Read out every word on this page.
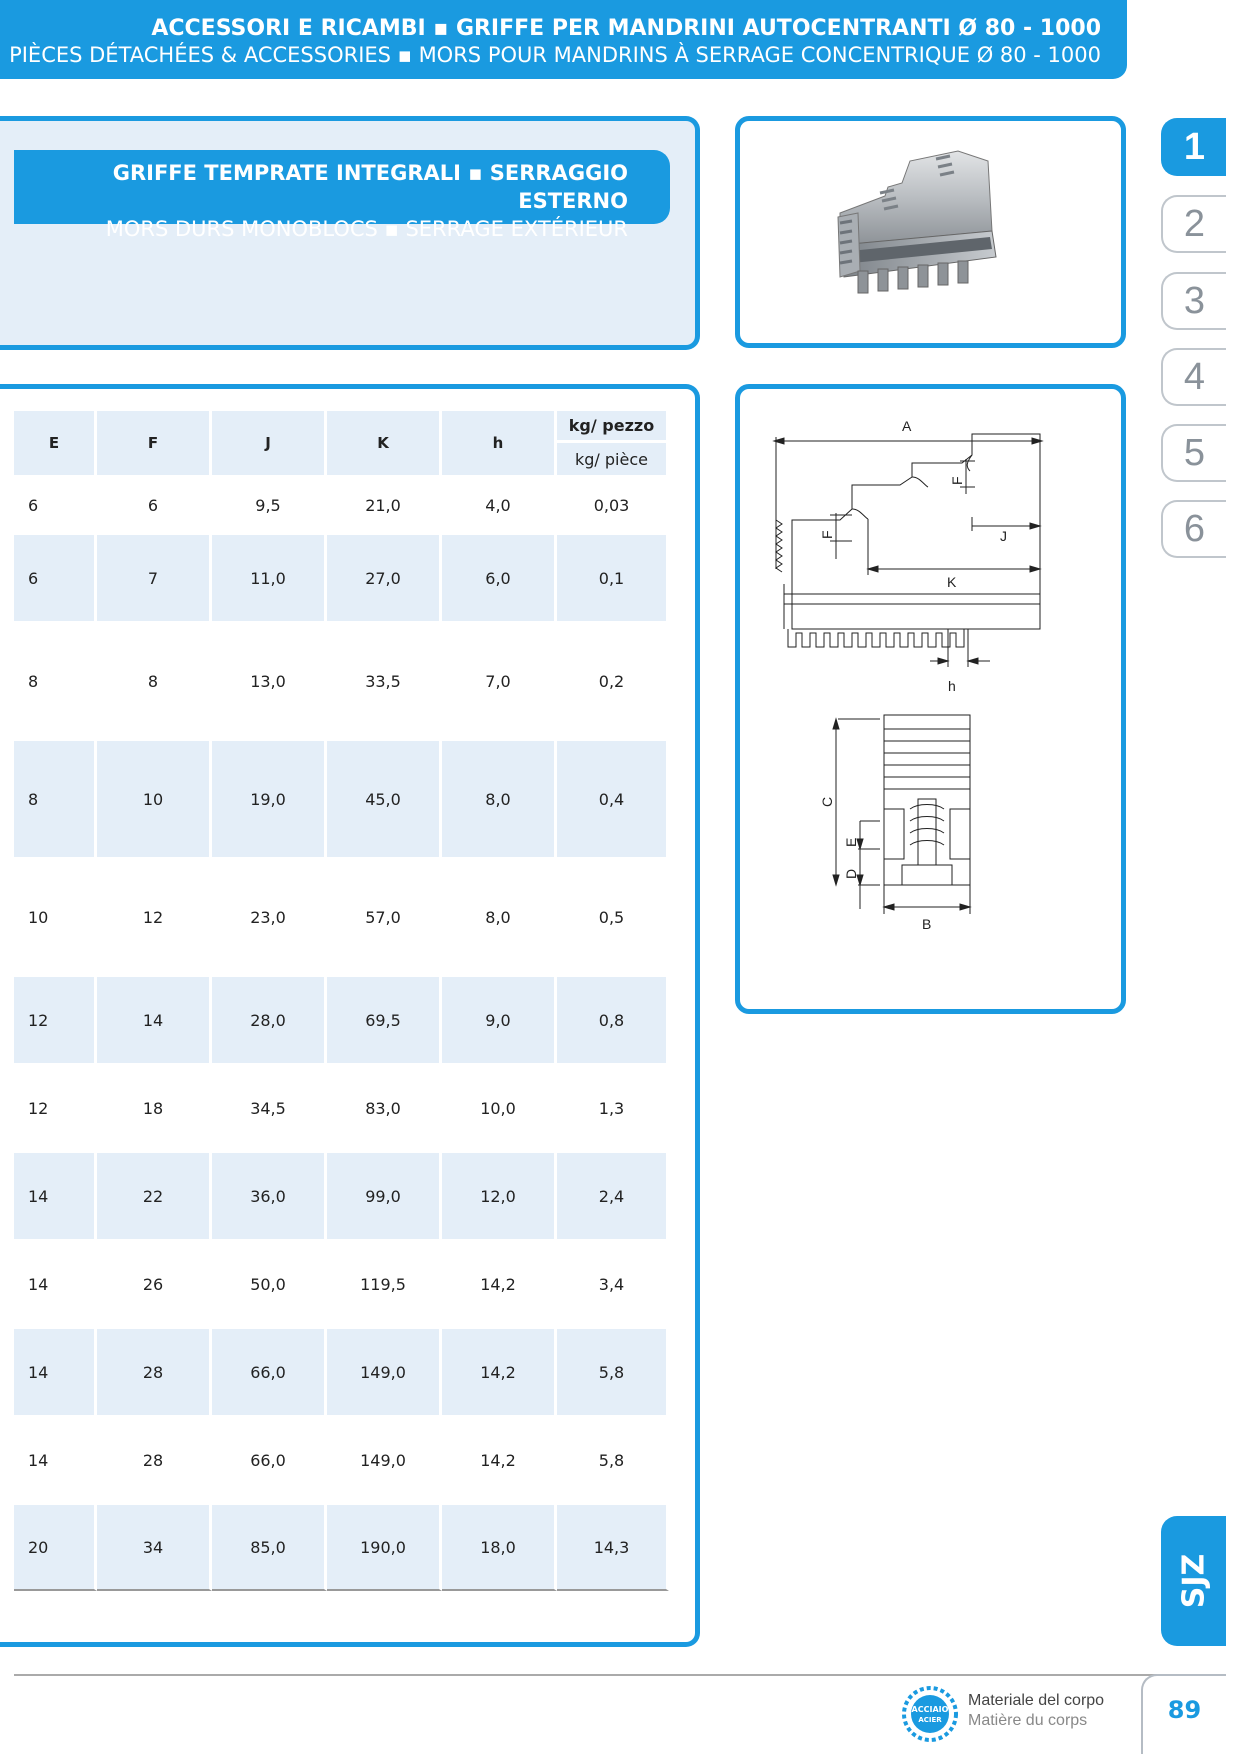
ACCESSORI E RICAMBI ▪ GRIFFE PER MANDRINI AUTOCENTRANTI Ø 80 - 1000
PIÈCES DÉTACHÉES & ACCESSORIES ▪ MORS POUR MANDRINS À SERRAGE CONCENTRIQUE Ø 80 - 1000
GRIFFE TEMPRATE INTEGRALI ▪ SERRAGGIO ESTERNO
MORS DURS MONOBLOCS ▪ SERRAGE EXTÉRIEUR
A
J
K
h
B
F
F
C
E
D
E	F	J	K	h	kg/ pezzo
					kg/ pièce
6	6	9,5	21,0	4,0	0,03
6	7	11,0	27,0	6,0	0,1
8	8	13,0	33,5	7,0	0,2
8	10	19,0	45,0	8,0	0,4
10	12	23,0	57,0	8,0	0,5
12	14	28,0	69,5	9,0	0,8
12	18	34,5	83,0	10,0	1,3
14	22	36,0	99,0	12,0	2,4
14	26	50,0	119,5	14,2	3,4
14	28	66,0	149,0	14,2	5,8
14	28	66,0	149,0	14,2	5,8
20	34	85,0	190,0	18,0	14,3
1
2
3
4
5
6
SJZ
ACCIAIO
ACIER
Materiale del corpo
Matière du corps	89
